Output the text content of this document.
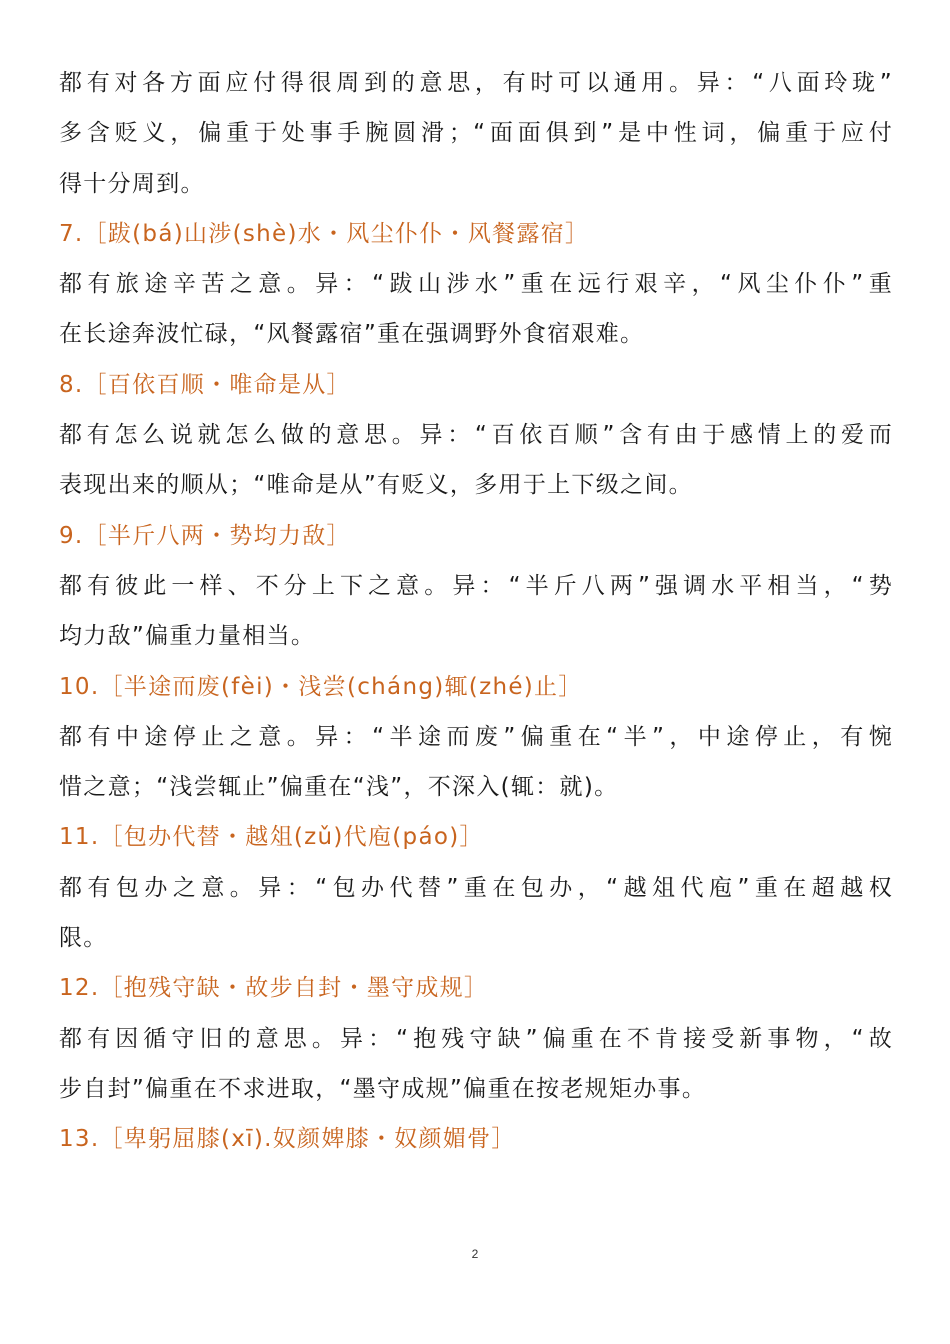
都有对各方面应付得很周到的意思，有时可以通用。异：“八面玲珑”
多含贬义，偏重于处事手腕圆滑；“面面俱到”是中性词，偏重于应付
得十分周到。
7.［跋(bá)山涉(shè)水・风尘仆仆・风餐露宿］
都有旅途辛苦之意。异：“跋山涉水”重在远行艰辛，“风尘仆仆”重
在长途奔波忙碌，“风餐露宿”重在强调野外食宿艰难。
8.［百依百顺・唯命是从］
都有怎么说就怎么做的意思。异：“百依百顺”含有由于感情上的爱而
表现出来的顺从；“唯命是从”有贬义，多用于上下级之间。
9.［半斤八两・势均力敌］
都有彼此一样、不分上下之意。异：“半斤八两”强调水平相当，“势
均力敌”偏重力量相当。
10.［半途而废(fèi)・浅尝(cháng)辄(zhé)止］
都有中途停止之意。异：“半途而废”偏重在“半”，中途停止，有惋
惜之意；“浅尝辄止”偏重在“浅”，不深入(辄：就)。
11.［包办代替・越俎(zǔ)代庖(páo)］
都有包办之意。异：“包办代替”重在包办，“越俎代庖”重在超越权
限。
12.［抱残守缺・故步自封・墨守成规］
都有因循守旧的意思。异：“抱残守缺”偏重在不肯接受新事物，“故
步自封”偏重在不求进取，“墨守成规”偏重在按老规矩办事。
13.［卑躬屈膝(xī).奴颜婢膝・奴颜媚骨］
2
